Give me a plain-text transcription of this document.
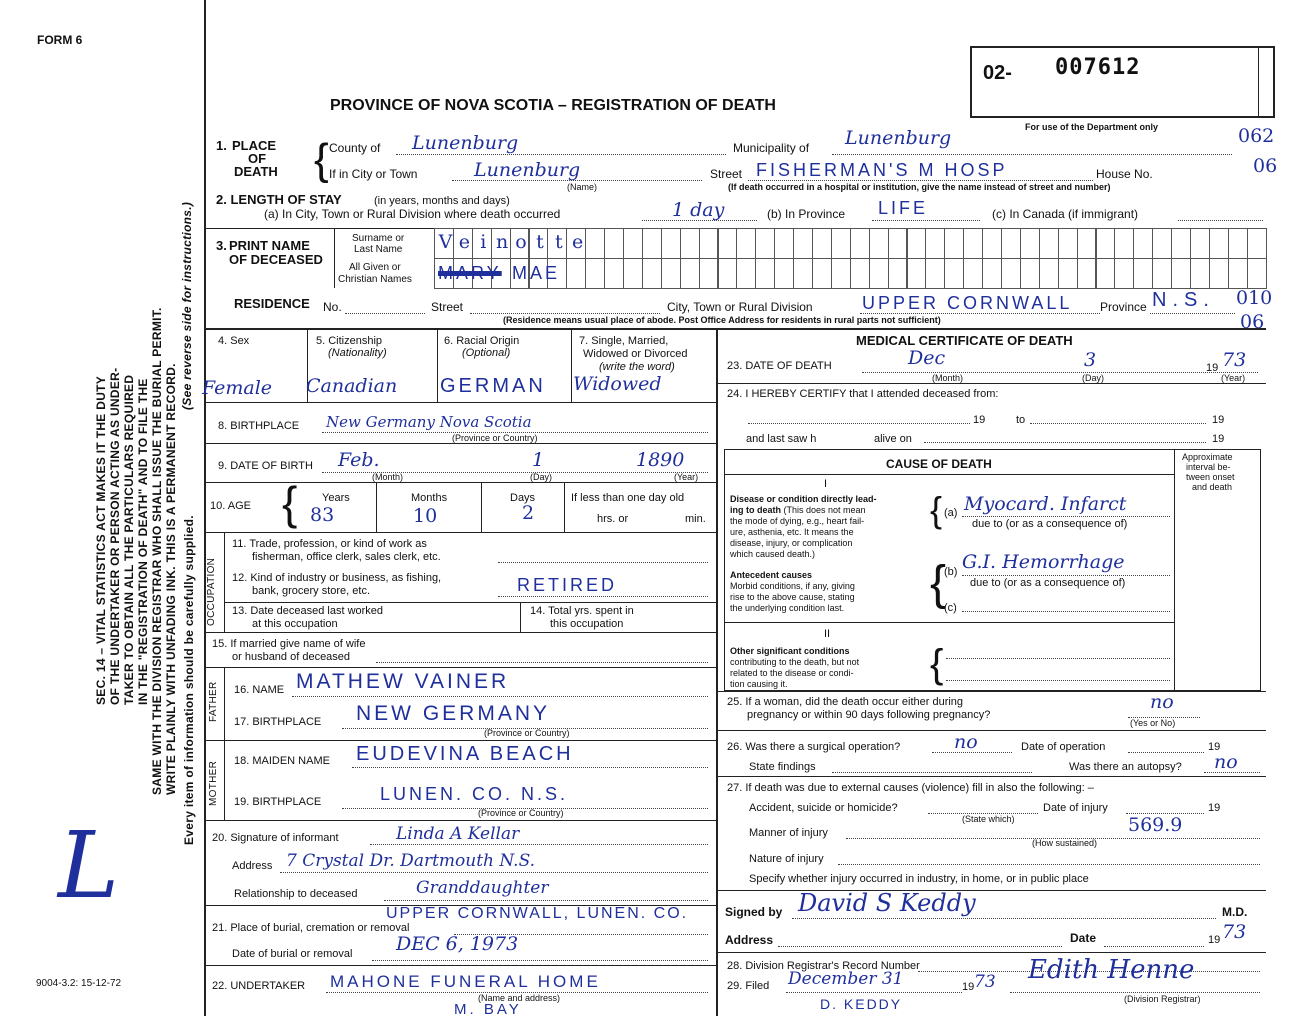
FORM 6
SEC. 14 – VITAL STATISTICS ACT MAKES IT THE DUTY OF THE UNDERTAKER OR PERSON ACTING AS UNDER- TAKER TO OBTAIN ALL THE PARTICULARS REQUIRED IN THE "REGISTRATION OF DEATH" AND TO FILE THE SAME WITH THE DIVISION REGISTRAR WHO SHALL ISSUE THE BURIAL PERMIT. WRITE PLAINLY WITH UNFADING INK. THIS IS A PERMANENT RECORD.
(See reverse side for instructions.)
Every item of information should be carefully supplied.
L
9004-3.2: 15-12-72
02- 007612
For use of the Department only
PROVINCE OF NOVA SCOTIA – REGISTRATION OF DEATH
062
06
010
06
1. PLACE
OF
DEATH { County of Lunenburg	Municipality of Lunenburg
If in City or Town	Lunenburg
(Name)
Street FISHERMAN'S M HOSP	House No.
(If death occurred in a hospital or institution, give the name instead of street and number)
2. LENGTH OF STAY	(in years, months and days)
(a) In City, Town or Rural Division where death occurred	1 day	(b) In Province LIFE	(c) In Canada (if immigrant)
3. PRINT NAME
OF DECEASED
Surname or
Last Name
All Given or
Christian Names
V e i n o t t e
MARY MAE
RESIDENCE No.	Street	City, Town or Rural Division	UPPER CORNWALL Province N.S.
(Residence means usual place of abode. Post Office Address for residents in rural parts not sufficient)
4. Sex	5. Citizenship
(Nationality)
6. Racial Origin
(Optional)
7. Single, Married,
Widowed or Divorced
(write the word)
Female Canadian GERMAN Widowed
8. BIRTHPLACE New Germany Nova Scotia
(Province or Country)
9. DATE OF BIRTH Feb.	1	1890
(Month)	(Day)	(Year)
10. AGE { Years	Months	Days	If less than one day old
hrs. or	min.
83	10	2
OCCUPATION
11. Trade, profession, or kind of work as
fisherman, office clerk, sales clerk, etc.
12. Kind of industry or business, as fishing,
bank, grocery store, etc.	RETIRED
13. Date deceased last worked
at this occupation
14. Total yrs. spent in
this occupation
15. If married give name of wife
or husband of deceased
FATHER 16. NAME MATHEW VAINER
17. BIRTHPLACE NEW GERMANY
(Province or Country)
MOTHER 18. MAIDEN NAME EUDEVINA BEACH
19. BIRTHPLACE	LUNEN. CO. N.S.
(Province or Country)
20. Signature of informant	Linda A Kellar
Address 7 Crystal Dr. Dartmouth N.S.
Relationship to deceased	Granddaughter
21. Place of burial, cremation or removal
UPPER CORNWALL, LUNEN. CO.
Date of burial or removal DEC 6, 1973
22. UNDERTAKER MAHONE FUNERAL HOME
(Name and address)
M. BAY
MEDICAL CERTIFICATE OF DEATH
23. DATE OF DEATH	Dec	3	19 73
(Month)	(Day)	(Year)
24. I HEREBY CERTIFY that I attended deceased from:
19	to	19
and last saw h	alive on	19
CAUSE OF DEATH	Approximate
interval be-
tween onset
and death
I
Disease or condition directly lead-
ing to death (This does not mean
the mode of dying, e.g., heart fail-
ure, asthenia, etc. It means the
disease, injury, or complication
which caused death.)
{ (a) Myocard. Infarct
due to (or as a consequence of)
Antecedent causes
Morbid conditions, if any, giving
rise to the above cause, stating
the underlying condition last. {
(b) G.I. Hemorrhage
due to (or as a consequence of)
(c)
II
Other significant conditions
contributing to the death, but not
related to the disease or condi-
tion causing it.	{
25. If a woman, did the death occur either during
pregnancy or within 90 days following pregnancy?
no
(Yes or No)
26. Was there a surgical operation?	no	Date of operation	19
State findings	Was there an autopsy? no
27. If death was due to external causes (violence) fill in also the following: –
Accident, suicide or homicide?	Date of injury	19
(State which)	569.9
Manner of injury
(How sustained)
Nature of injury
Specify whether injury occurred in industry, in home, or in public place
Signed by David S Keddy	M.D.
Address	Date	19 73
28. Division Registrar's Record Number
29. Filed December 31	19 73 Edith Henne
(Division Registrar)
D. KEDDY
